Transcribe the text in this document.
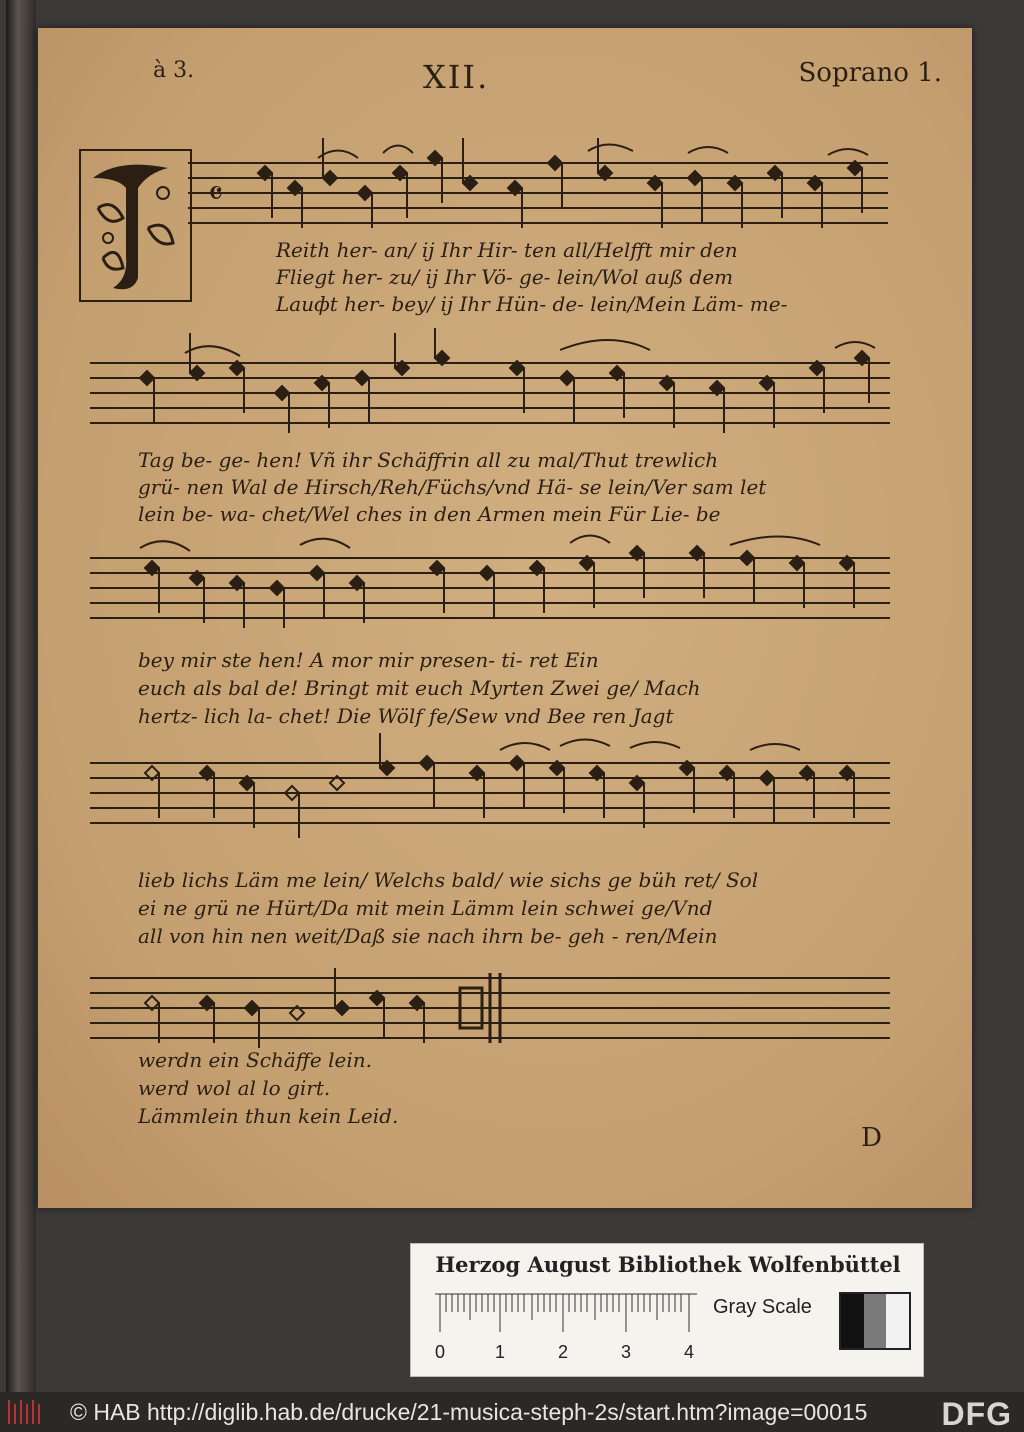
à 3.	XII.	Soprano 1.
𝄴
Reith her- an/ ij Ihr Hir- ten all/Helfft mir den
Fliegt her- zu/ ij Ihr Vö- ge- lein/Wol auß dem
Lauфt her- bey/ ij Ihr Hün- de- lein/Mein Läm- me-
Tag be- ge- hen! Vñ ihr Schäffrin all zu mal/Thut trewlich
grü- nen Wal de Hirsch/Reh/Füchs/vnd Hä- se lein/Ver sam let
lein be- wa- chet/Wel ches in den Armen mein Für Lie- be
bey mir ste hen! A mor mir presen- ti- ret Ein
euch als bal de! Bringt mit euch Myrten Zwei ge/ Mach
hertz- lich la- chet! Die Wölf fe/Sew vnd Bee ren Jagt
lieb lichs Läm me lein/ Welchs bald/ wie sichs ge büh ret/ Sol
ei ne grü ne Hürt/Da mit mein Lämm lein schwei ge/Vnd
all von hin nen weit/Daß sie nach ihrn be- geh - ren/Mein
werdn ein Schäffe lein.
werd wol al lo girt.
Lämmlein thun kein Leid.
D
Herzog August Bibliothek Wolfenbüttel
0	1	2	3	4
Gray Scale
© HAB http://diglib.hab.de/drucke/21-musica-steph-2s/start.htm?image=00015 DFG
